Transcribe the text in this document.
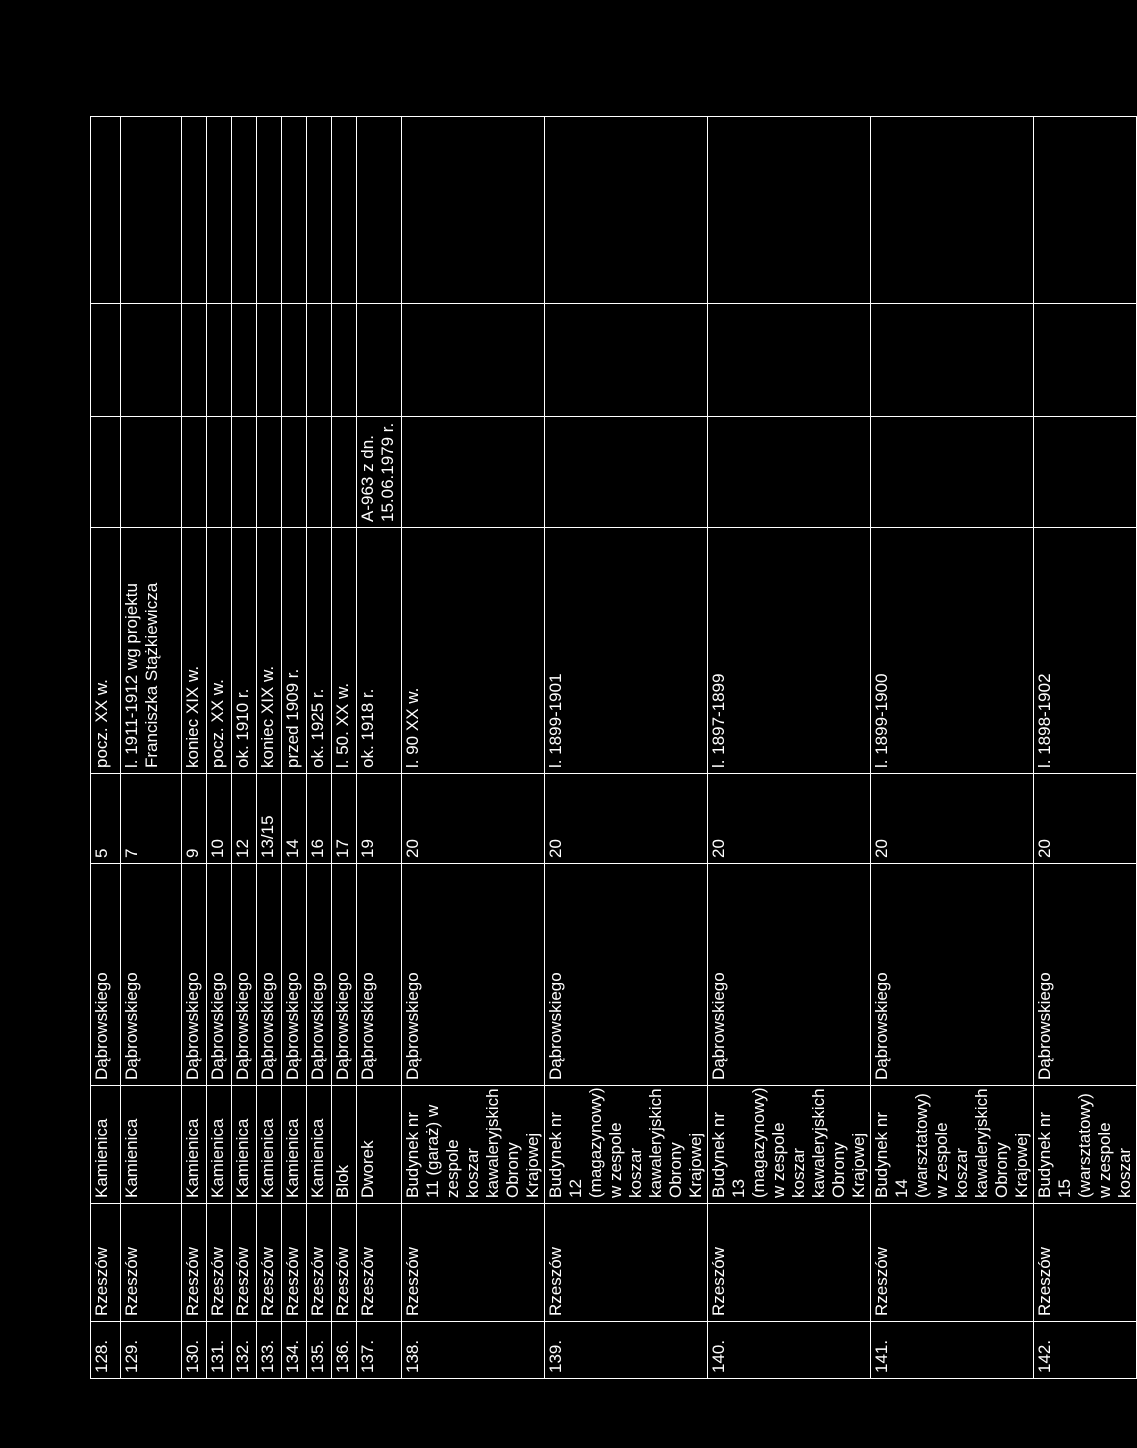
128.	Rzeszów	Kamienica	Dąbrowskiego	5	pocz. XX w.			
129.	Rzeszów	Kamienica	Dąbrowskiego	7	l. 1911-1912 wg projektu Franciszka Stążkiewicza			
130.	Rzeszów	Kamienica	Dąbrowskiego	9	koniec XIX w.			
131.	Rzeszów	Kamienica	Dąbrowskiego	10	pocz. XX w.			
132.	Rzeszów	Kamienica	Dąbrowskiego	12	ok. 1910 r.			
133.	Rzeszów	Kamienica	Dąbrowskiego	13/15	koniec XIX w.			
134.	Rzeszów	Kamienica	Dąbrowskiego	14	przed 1909 r.			
135.	Rzeszów	Kamienica	Dąbrowskiego	16	ok. 1925 r.			
136.	Rzeszów	Blok	Dąbrowskiego	17	l. 50. XX w.			
137.	Rzeszów	Dworek	Dąbrowskiego	19	ok. 1918 r.	A-963 z dn. 15.06.1979 r.		
138.	Rzeszów	Budynek nr 11 (garaż) w zespole koszar kawaleryjskich Obrony Krajowej	Dąbrowskiego	20	l. 90 XX w.			
139.	Rzeszów	Budynek nr 12 (magazynowy) w zespole koszar kawaleryjskich Obrony Krajowej	Dąbrowskiego	20	l. 1899-1901			
140.	Rzeszów	Budynek nr 13 (magazynowy) w zespole koszar kawaleryjskich Obrony Krajowej	Dąbrowskiego	20	l. 1897-1899			
141.	Rzeszów	Budynek nr 14 (warsztatowy) w zespole koszar kawaleryjskich Obrony Krajowej	Dąbrowskiego	20	l. 1899-1900			
142.	Rzeszów	Budynek nr 15 (warsztatowy) w zespole koszar	Dąbrowskiego	20	l. 1898-1902			
